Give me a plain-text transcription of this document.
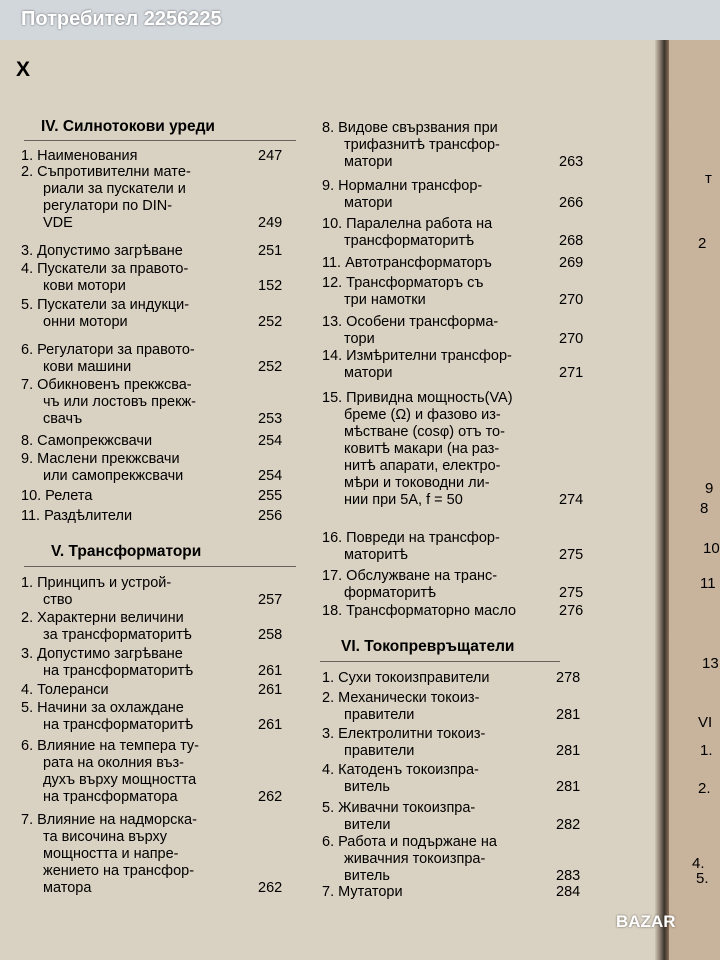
Потребител 2256225
X
IV. Силнотокови уреди
V. Трансформатори
VI. Токопревръщатели
1. Наименования	247
2. Съпротивителни матe-
риали за пускатели и
регулатори по DIN-
VDE	249
3. Допустимо загрѣване	251
4. Пускатели за правото-
кови мотори	152
5. Пускатели за индукци-
онни мотори	252
6. Регулатори за правото-
кови машини	252
7. Обикновенъ прекжсва-
чъ или лостовъ прекж-
свачъ	253
8. Самопрекжсвачи	254
9. Маслени прекжсвачи
или самопрекжсвачи	254
10. Релета	255
11. Раздѣлители	256
1. Принципъ и устрой-
ство	257
2. Характерни величини
за трансформаторитѣ	258
3. Допустимо загрѣване
на трансформаторитѣ	261
4. Толеранси	261
5. Начини за охлаждане
на трансформаторитѣ	261
6. Влияние на темпера ту-
рата на околния въз-
духъ върху мощността
на трансформатора	262
7. Влияние на надморска-
та височина върху
мощността и напре-
жението на трансфор-
матора	262
8. Видове свързвания при
трифазнитѣ трансфор-
матори	263
9. Нормални трансфор-
матори	266
10. Паралелна работа на
трансформаторитѣ	268
11. Автотрансформаторъ	269
12. Трансформаторъ съ
три намотки	270
13. Особени трансформа-
тори	270
14. Измѣрителни трансфор-
матори	271
15. Привидна мощность(VA)
бреме (Ω) и фазово из-
мѣстване (cosφ) отъ то-
ковитѣ макари (на раз-
нитѣ апарати, електро-
мѣри и тоководни ли-
нии при 5A, f = 50	274
16. Повреди на трансфор-
маторитѣ	275
17. Обслужване на транс-
форматоритѣ	275
18. Трансформаторно масло	276
1. Сухи токоизправители	278
2. Механически токоиз-
правители	281
3. Електролитни токоиз-
правители	281
4. Катоденъ токоизпра-
витель	281
5. Живачни токоизпра-
вители	282
6. Работа и подържане на
живачния токоизпра-
витель	283
7. Мутатори	284
т
2
9
8
10
11
13
VI
1.
2.
4.
5.
BAZAR
